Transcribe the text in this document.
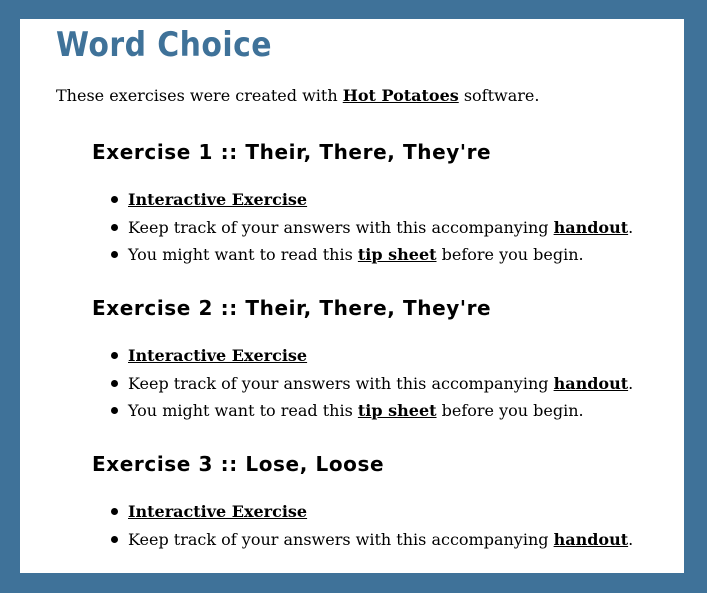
Word Choice

These exercises were created with Hot Potatoes software.

Exercise 1 :: Their, There, They're
Interactive Exercise
Keep track of your answers with this accompanying handout.
You might want to read this tip sheet before you begin.
Exercise 2 :: Their, There, They're
Interactive Exercise
Keep track of your answers with this accompanying handout.
You might want to read this tip sheet before you begin.
Exercise 3 :: Lose, Loose
Interactive Exercise
Keep track of your answers with this accompanying handout.
